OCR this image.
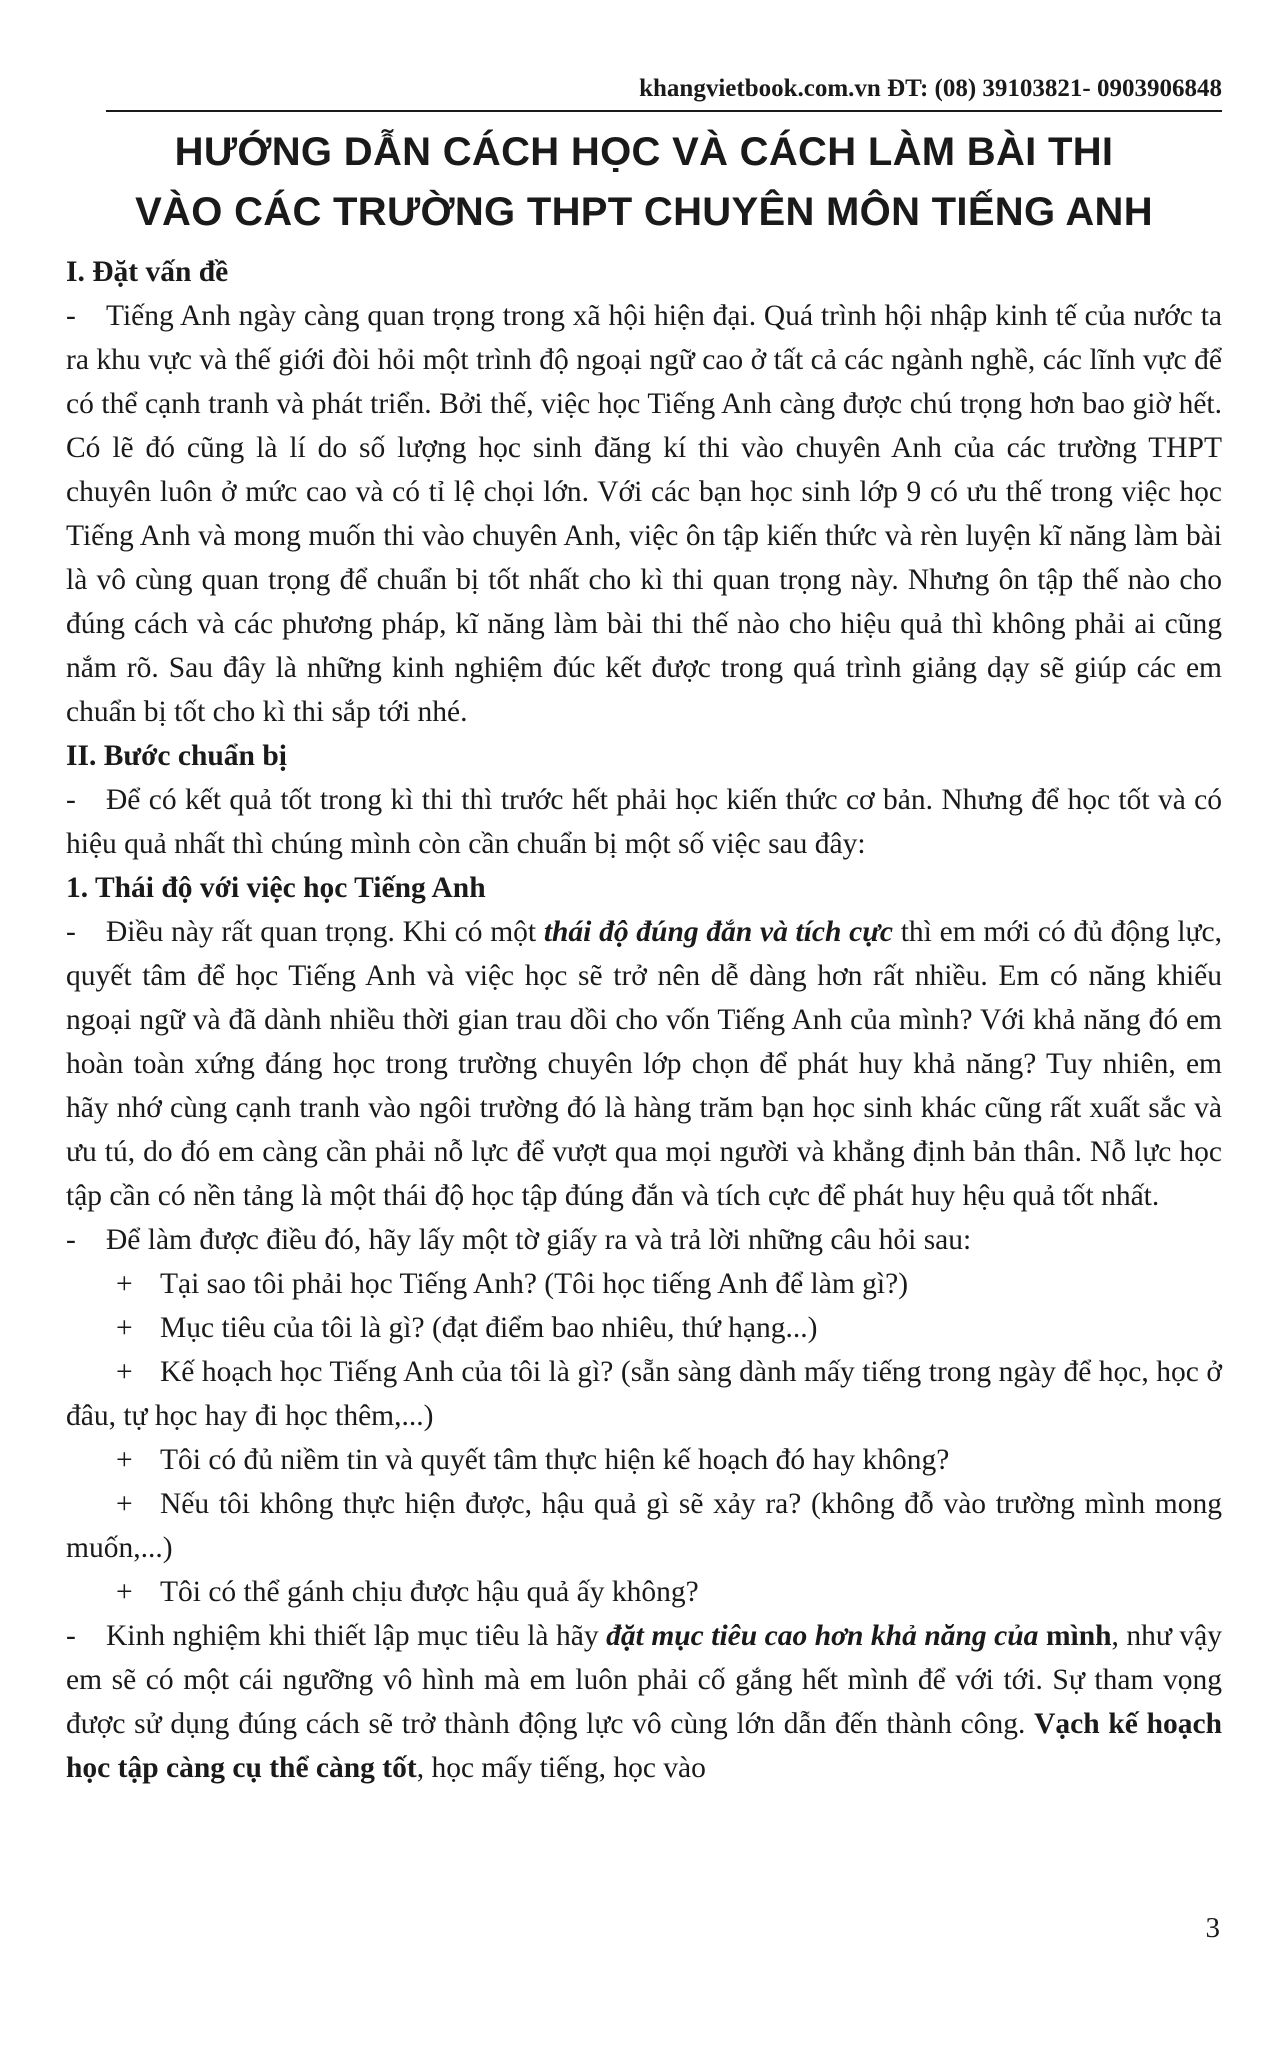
khangvietbook.com.vn ĐT: (08) 39103821- 0903906848
HƯỚNG DẪN CÁCH HỌC VÀ CÁCH LÀM BÀI THI
VÀO CÁC TRƯỜNG THPT CHUYÊN MÔN TIẾNG ANH

I. Đặt vấn đề

- Tiếng Anh ngày càng quan trọng trong xã hội hiện đại. Quá trình hội nhập kinh tế của nước ta ra khu vực và thế giới đòi hỏi một trình độ ngoại ngữ cao ở tất cả các ngành nghề, các lĩnh vực để có thể cạnh tranh và phát triển. Bởi thế, việc học Tiếng Anh càng được chú trọng hơn bao giờ hết. Có lẽ đó cũng là lí do số lượng học sinh đăng kí thi vào chuyên Anh của các trường THPT chuyên luôn ở mức cao và có tỉ lệ chọi lớn. Với các bạn học sinh lớp 9 có ưu thế trong việc học Tiếng Anh và mong muốn thi vào chuyên Anh, việc ôn tập kiến thức và rèn luyện kĩ năng làm bài là vô cùng quan trọng để chuẩn bị tốt nhất cho kì thi quan trọng này. Nhưng ôn tập thế nào cho đúng cách và các phương pháp, kĩ năng làm bài thi thế nào cho hiệu quả thì không phải ai cũng nắm rõ. Sau đây là những kinh nghiệm đúc kết được trong quá trình giảng dạy sẽ giúp các em chuẩn bị tốt cho kì thi sắp tới nhé.

II. Bước chuẩn bị

- Để có kết quả tốt trong kì thi thì trước hết phải học kiến thức cơ bản. Nhưng để học tốt và có hiệu quả nhất thì chúng mình còn cần chuẩn bị một số việc sau đây:

1. Thái độ với việc học Tiếng Anh

- Điều này rất quan trọng. Khi có một thái độ đúng đắn và tích cực thì em mới có đủ động lực, quyết tâm để học Tiếng Anh và việc học sẽ trở nên dễ dàng hơn rất nhiều. Em có năng khiếu ngoại ngữ và đã dành nhiều thời gian trau dồi cho vốn Tiếng Anh của mình? Với khả năng đó em hoàn toàn xứng đáng học trong trường chuyên lớp chọn để phát huy khả năng? Tuy nhiên, em hãy nhớ cùng cạnh tranh vào ngôi trường đó là hàng trăm bạn học sinh khác cũng rất xuất sắc và ưu tú, do đó em càng cần phải nỗ lực để vượt qua mọi người và khẳng định bản thân. Nỗ lực học tập cần có nền tảng là một thái độ học tập đúng đắn và tích cực để phát huy hệu quả tốt nhất.

- Để làm được điều đó, hãy lấy một tờ giấy ra và trả lời những câu hỏi sau:

+ Tại sao tôi phải học Tiếng Anh? (Tôi học tiếng Anh để làm gì?)

+ Mục tiêu của tôi là gì? (đạt điểm bao nhiêu, thứ hạng...)

+ Kế hoạch học Tiếng Anh của tôi là gì? (sẵn sàng dành mấy tiếng trong ngày để học, học ở đâu, tự học hay đi học thêm,...)

+ Tôi có đủ niềm tin và quyết tâm thực hiện kế hoạch đó hay không?

+ Nếu tôi không thực hiện được, hậu quả gì sẽ xảy ra? (không đỗ vào trường mình mong muốn,...)

+ Tôi có thể gánh chịu được hậu quả ấy không?

- Kinh nghiệm khi thiết lập mục tiêu là hãy đặt mục tiêu cao hơn khả năng của mình, như vậy em sẽ có một cái ngưỡng vô hình mà em luôn phải cố gắng hết mình để với tới. Sự tham vọng được sử dụng đúng cách sẽ trở thành động lực vô cùng lớn dẫn đến thành công. Vạch kế hoạch học tập càng cụ thể càng tốt, học mấy tiếng, học vào

3
